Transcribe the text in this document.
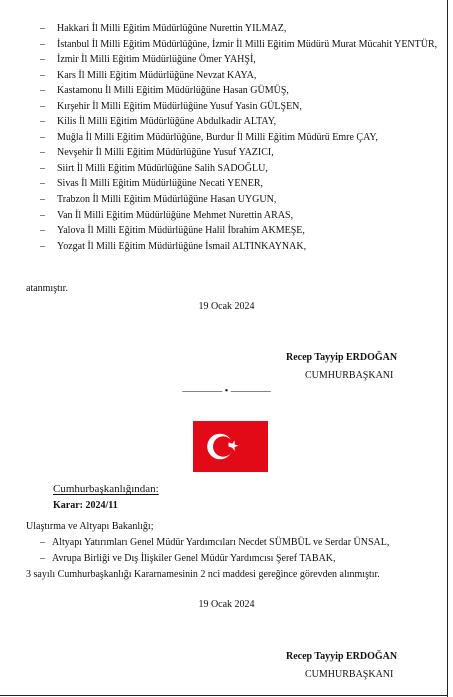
– Hakkari İl Milli Eğitim Müdürlüğüne Nurettin YILMAZ,
– İstanbul İl Milli Eğitim Müdürlüğüne, İzmir İl Milli Eğitim Müdürü Murat Mücahit YENTÜR,
– İzmir İl Milli Eğitim Müdürlüğüne Ömer YAHŞİ,
– Kars İl Milli Eğitim Müdürlüğüne Nevzat KAYA,
– Kastamonu İl Milli Eğitim Müdürlüğüne Hasan GÜMÜŞ,
– Kırşehir İl Milli Eğitim Müdürlüğüne Yusuf Yasin GÜLŞEN,
– Kilis İl Milli Eğitim Müdürlüğüne Abdulkadir ALTAY,
– Muğla İl Milli Eğitim Müdürlüğüne, Burdur İl Milli Eğitim Müdürü Emre ÇAY,
– Nevşehir İl Milli Eğitim Müdürlüğüne Yusuf YAZICI,
– Siirt İl Milli Eğitim Müdürlüğüne Salih SADOĞLU,
– Sivas İl Milli Eğitim Müdürlüğüne Necati YENER,
– Trabzon İl Milli Eğitim Müdürlüğüne Hasan UYGUN,
– Van İl Milli Eğitim Müdürlüğüne Mehmet Nurettin ARAS,
– Yalova İl Milli Eğitim Müdürlüğüne Halil İbrahim AKMEŞE,
– Yozgat İl Milli Eğitim Müdürlüğüne İsmail ALTINKAYNAK,
atanmıştır.
19 Ocak 2024
Recep Tayyip ERDOĞAN
CUMHURBAŞKANI
———— • ————
Cumhurbaşkanlığından:
Karar: 2024/11
Ulaştırma ve Altyapı Bakanlığı;
– Altyapı Yatırımları Genel Müdür Yardımcıları Necdet SÜMBÜL ve Serdar ÜNSAL,
– Avrupa Birliği ve Dış İlişkiler Genel Müdür Yardımcısı Şeref TABAK,
3 sayılı Cumhurbaşkanlığı Kararnamesinin 2 nci maddesi gereğince görevden alınmıştır.
19 Ocak 2024
Recep Tayyip ERDOĞAN
CUMHURBAŞKANI
